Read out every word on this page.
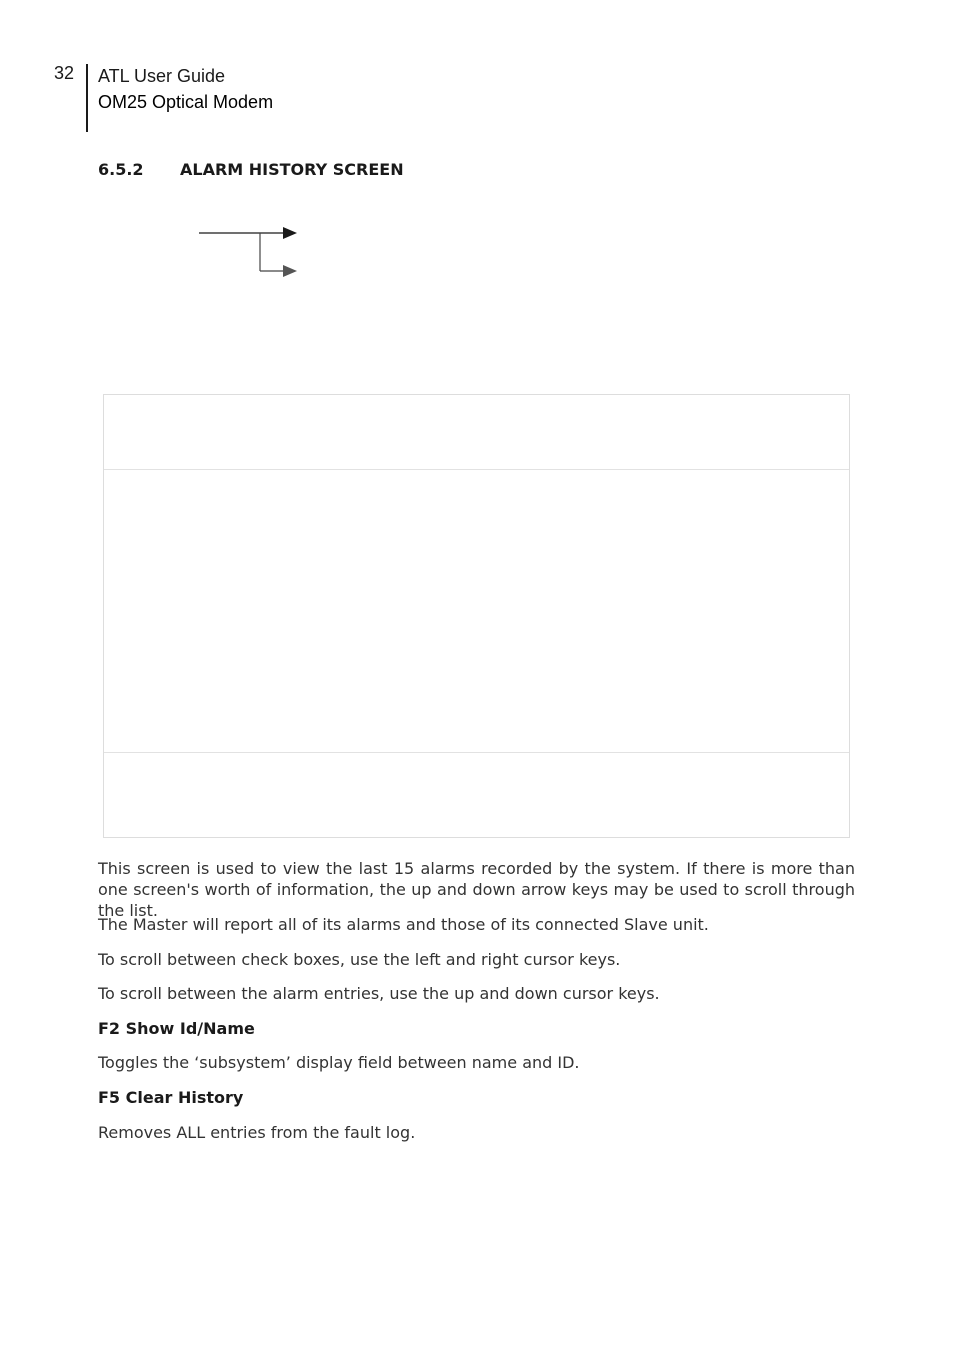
32 ATL User Guide
OM25 Optical Modem
6.5.2	ALARM HISTORY SCREEN

This screen is used to view the last 15 alarms recorded by the system. If there is more than one screen's worth of information, the up and down arrow keys may be used to scroll through the list.

The Master will report all of its alarms and those of its connected Slave unit.

To scroll between check boxes, use the left and right cursor keys.

To scroll between the alarm entries, use the up and down cursor keys.

F2 Show Id/Name

Toggles the ‘subsystem’ display field between name and ID.

F5 Clear History

Removes ALL entries from the fault log.
